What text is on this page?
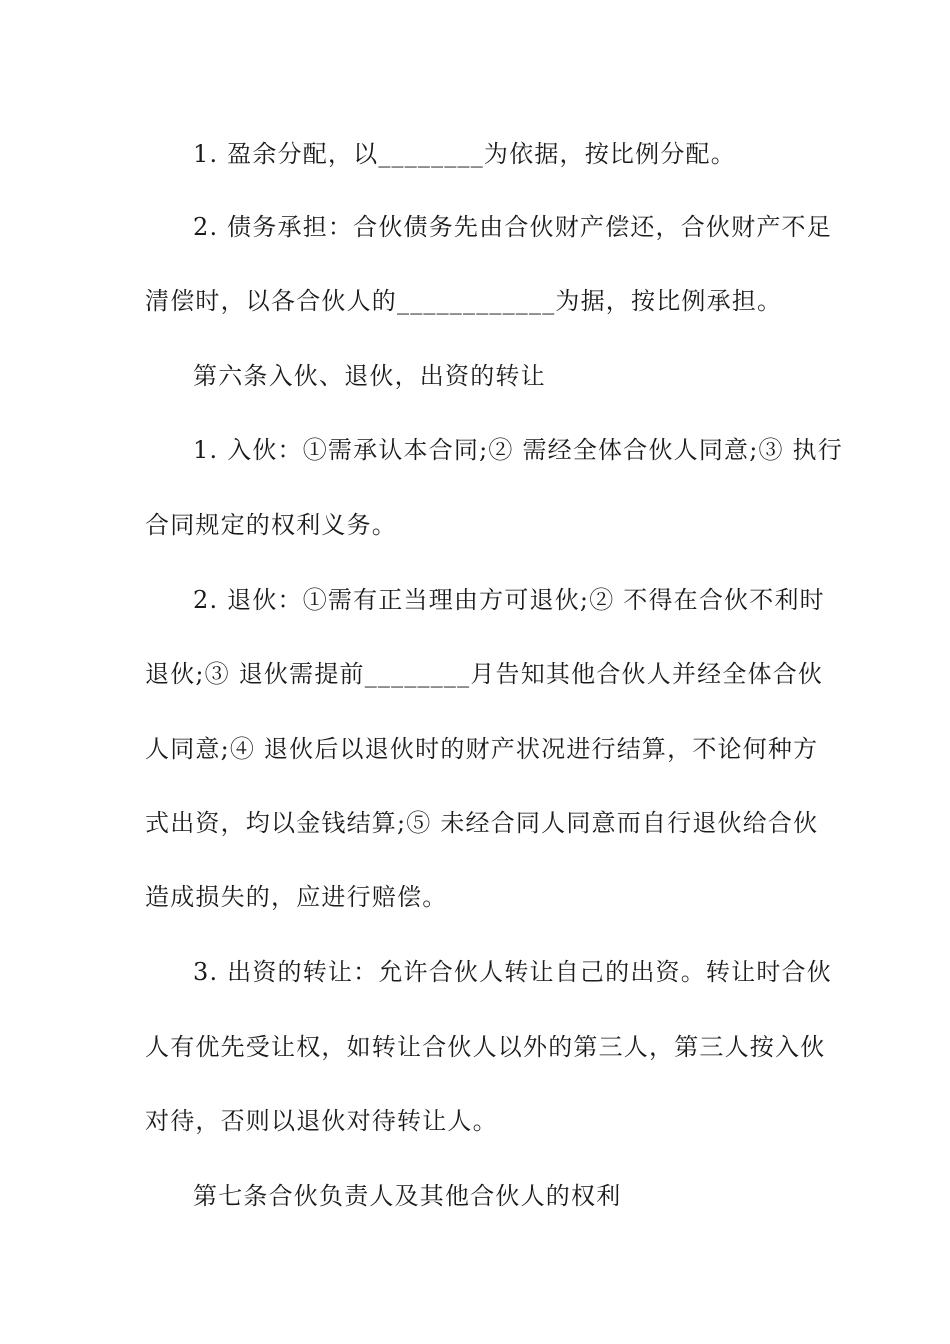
1. 盈余分配，以________为依据，按比例分配。
2. 债务承担：合伙债务先由合伙财产偿还，合伙财产不足
清偿时，以各合伙人的____________为据，按比例承担。
第六条入伙、退伙，出资的转让
1. 入伙：①需承认本合同;② 需经全体合伙人同意;③ 执行
合同规定的权利义务。
2. 退伙：①需有正当理由方可退伙;② 不得在合伙不利时
退伙;③ 退伙需提前________月告知其他合伙人并经全体合伙
人同意;④ 退伙后以退伙时的财产状况进行结算，不论何种方
式出资，均以金钱结算;⑤ 未经合同人同意而自行退伙给合伙
造成损失的，应进行赔偿。
3. 出资的转让：允许合伙人转让自己的出资。转让时合伙
人有优先受让权，如转让合伙人以外的第三人，第三人按入伙
对待，否则以退伙对待转让人。
第七条合伙负责人及其他合伙人的权利
